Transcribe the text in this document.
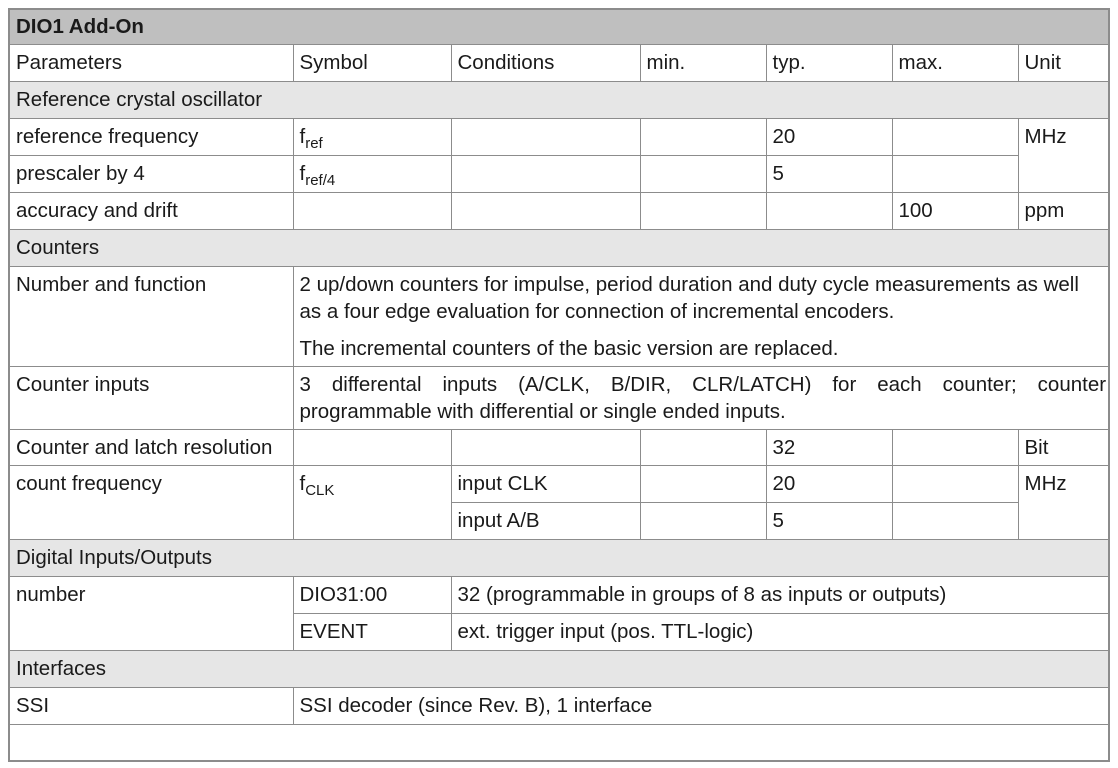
DIO1 Add-On						
Parameters	Symbol	Conditions	min.	typ.	max.	Unit
Reference crystal oscillator						
reference frequency	$f_{ref}$			20		MHz
prescaler by 4	$f_{ref/4}$			5		
accuracy and drift					100	ppm
Counters						
Number and function	2 up/down counters for impulse, period duration and duty cycle measurements as well as a four edge evaluation for connection of incremental encoders.
The incremental counters of the basic version are replaced.					

Counter inputs	3 differental inputs (A/CLK, B/DIR, CLR/LATCH) for each counter; counter programmable with differential or single ended inputs.					
Counter and latch resolution				32		Bit
count frequency	$f_{CLK}$	input CLK		20		MHz
		input A/B		5		
Digital Inputs/Outputs						
number	DIO31:00	32 (programmable in groups of 8 as inputs or outputs)				
	EVENT	ext. trigger input (pos. TTL-logic)				
Interfaces						
SSI	SSI decoder (since Rev. B), 1 interface					
